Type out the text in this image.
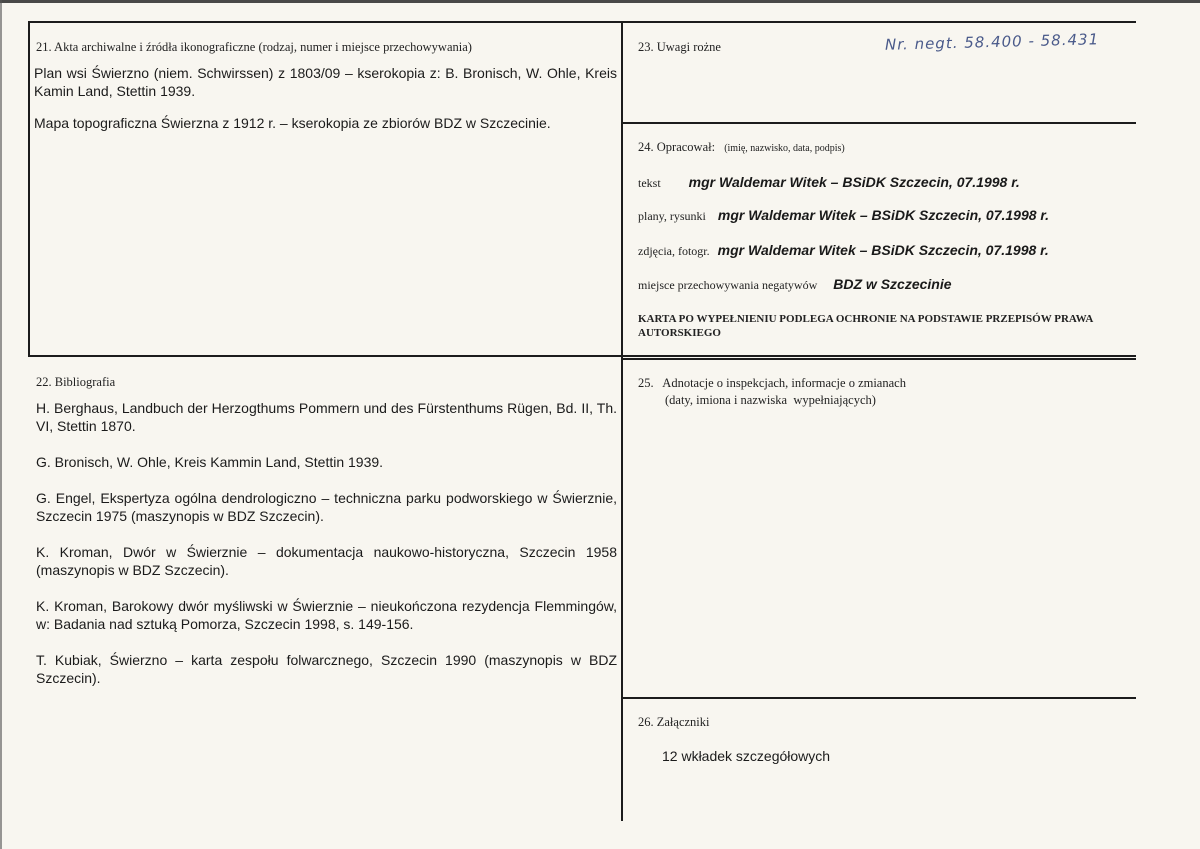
21. Akta archiwalne i źródła ikonograficzne (rodzaj, numer i miejsce przechowywania)

Plan wsi Świerzno (niem. Schwirssen) z 1803/09 – kserokopia z: B. Bronisch, W. Ohle, Kreis Kamin Land, Stettin 1939.

Mapa topograficzna Świerzna z 1912 r. – kserokopia ze zbiorów BDZ w Szczecinie.

23. Uwagi rożne	Nr. negt. 58.400 - 58.431
24. Opracował: (imię, nazwisko, data, podpis)
tekst mgr Waldemar Witek – BSiDK Szczecin, 07.1998 r.
plany, rysunki mgr Waldemar Witek – BSiDK Szczecin, 07.1998 r.
zdjęcia, fotogr. mgr Waldemar Witek – BSiDK Szczecin, 07.1998 r.
miejsce przechowywania negatywów BDZ w Szczecinie
KARTA PO WYPEŁNIENIU PODLEGA OCHRONIE NA PODSTAWIE PRZEPISÓW PRAWA AUTORSKIEGO
22. Bibliografia

H. Berghaus, Landbuch der Herzogthums Pommern und des Fürstenthums Rügen, Bd. II, Th. VI, Stettin 1870.

G. Bronisch, W. Ohle, Kreis Kammin Land, Stettin 1939.

G. Engel, Ekspertyza ogólna dendrologiczno – techniczna parku podworskiego w Świerznie, Szczecin 1975 (maszynopis w BDZ Szczecin).

K. Kroman, Dwór w Świerznie – dokumentacja naukowo-historyczna, Szczecin 1958 (maszynopis w BDZ Szczecin).

K. Kroman, Barokowy dwór myśliwski w Świerznie – nieukończona rezydencja Flemmingów, w: Badania nad sztuką Pomorza, Szczecin 1998, s. 149-156.

T. Kubiak, Świerzno – karta zespołu folwarcznego, Szczecin 1990 (maszynopis w BDZ Szczecin).

25.   Adnotacje o inspekcjach, informacje o zmianach
(daty, imiona i nazwiska  wypełniających)
26. Załączniki
12 wkładek szczegółowych
